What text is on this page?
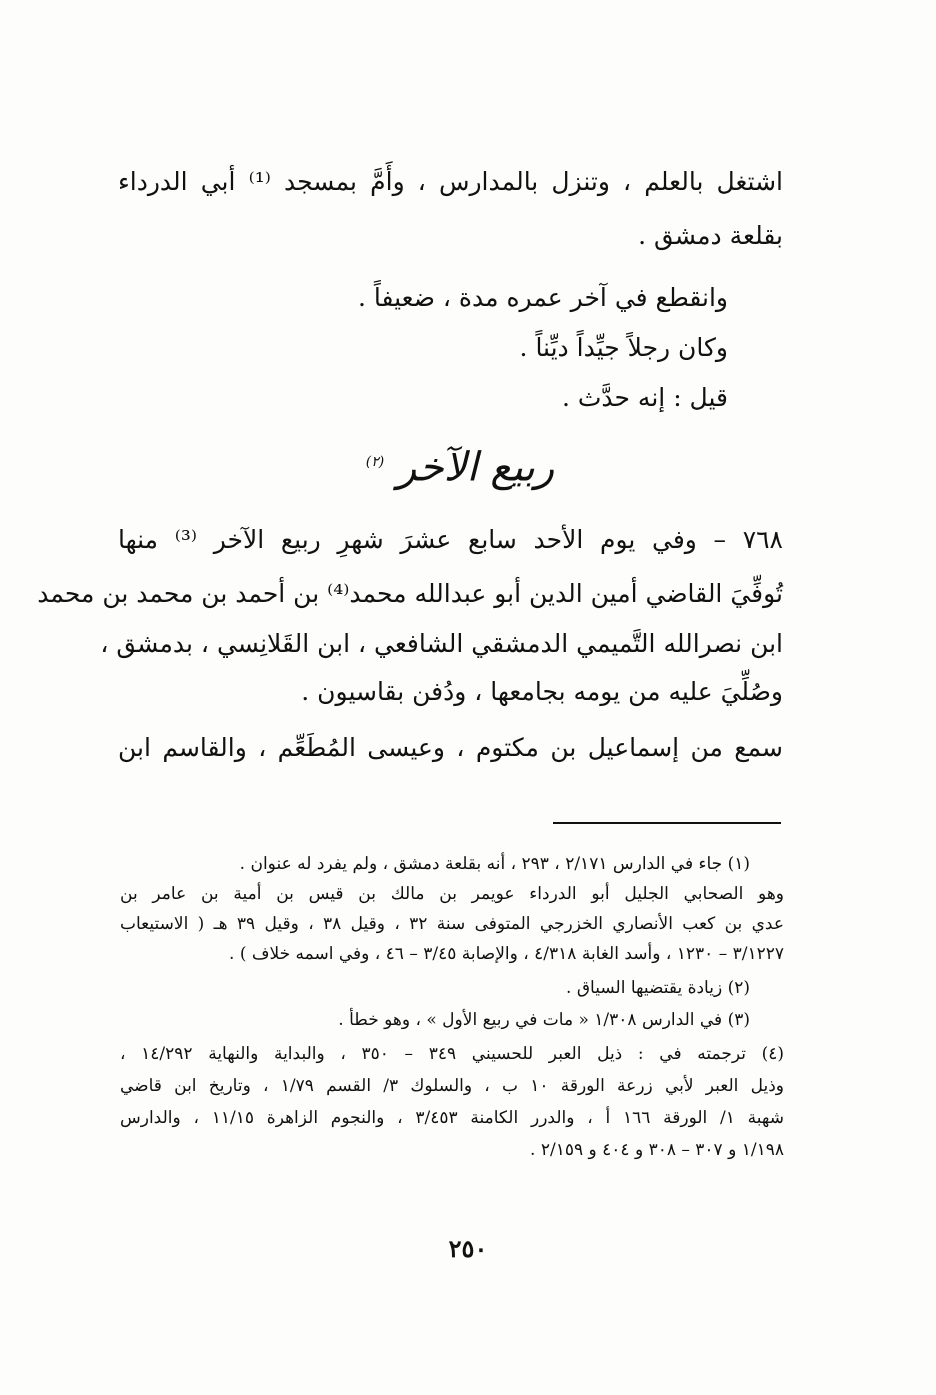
اشتغل بالعلم ، وتنزل بالمدارس ، وأَمَّ بمسجد ⁽¹⁾ أبي الدرداء
بقلعة دمشق .
وانقطع في آخر عمره مدة ، ضعيفاً .
وكان رجلاً جيِّداً ديِّناً .
قيل : إنه حدَّث .
ربيع الآخر $^{(٢)}$
٧٦٨ – وفي يوم الأحد سابع عشرَ شهرِ ربيع الآخر ⁽³⁾ منها
تُوفِّيَ القاضي أمين الدين أبو عبدالله محمد⁽⁴⁾ بن أحمد بن محمد بن محمد
ابن نصرالله التَّميمي الدمشقي الشافعي ، ابن القَلانِسي ، بدمشق ،
وصُلِّيَ عليه من يومه بجامعها ، ودُفن بقاسيون .
سمع من إسماعيل بن مكتوم ، وعيسى المُطَعِّم ، والقاسم ابن
(١) جاء في الدارس ٢/١٧١ ، ٢٩٣ ، أنه بقلعة دمشق ، ولم يفرد له عنوان .
وهو الصحابي الجليل أبو الدرداء عويمر بن مالك بن قيس بن أمية بن عامر بن
عدي بن كعب الأنصاري الخزرجي المتوفى سنة ٣٢ ، وقيل ٣٨ ، وقيل ٣٩ هـ ( الاستيعاب
٣/١٢٢٧ – ١٢٣٠ ، وأسد الغابة ٤/٣١٨ ، والإصابة ٣/٤٥ – ٤٦ ، وفي اسمه خلاف ) .
(٢) زيادة يقتضيها السياق .
(٣) في الدارس ١/٣٠٨ « مات في ربيع الأول » ، وهو خطأ .
(٤) ترجمته في : ذيل العبر للحسيني ٣٤٩ – ٣٥٠ ، والبداية والنهاية ١٤/٢٩٢ ،
وذيل العبر لأبي زرعة الورقة ١٠ ب ، والسلوك ٣/ القسم ١/٧٩ ، وتاريخ ابن قاضي
شهبة ١/ الورقة ١٦٦ أ ، والدرر الكامنة ٣/٤٥٣ ، والنجوم الزاهرة ١١/١٥ ، والدارس
١/١٩٨ و ٣٠٧ – ٣٠٨ و ٤٠٤ و ٢/١٥٩ .
٢٥٠
